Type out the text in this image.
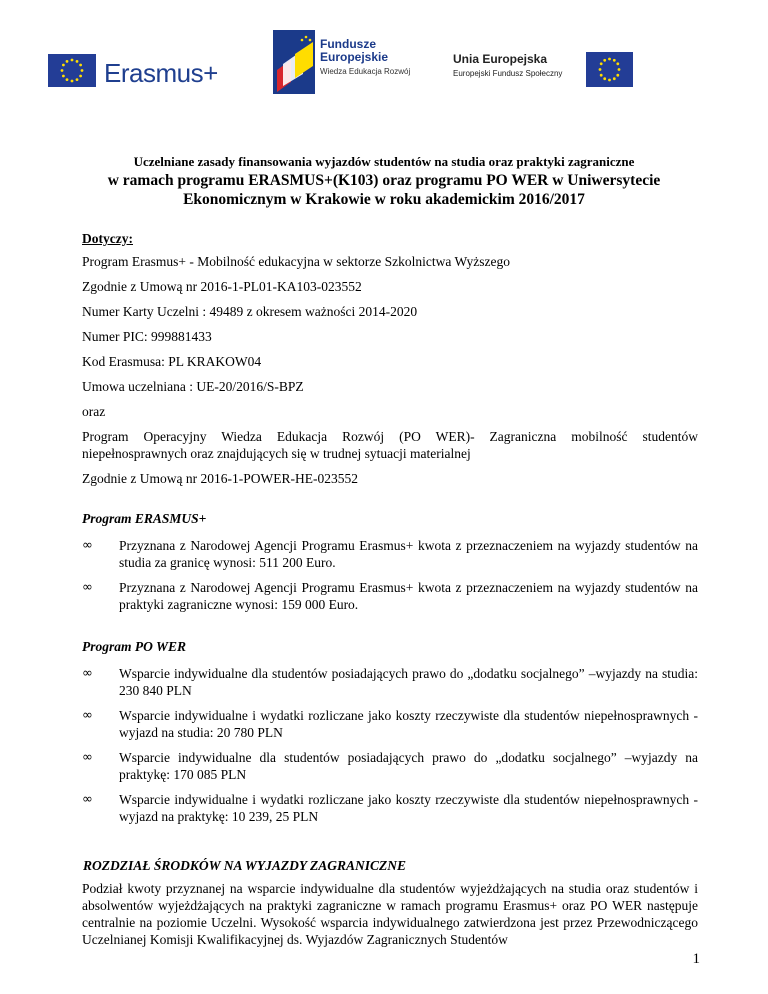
Erasmus+
Fundusze
Europejskie
Wiedza Edukacja Rozwój
Unia Europejska
Europejski Fundusz Społeczny
Uczelniane zasady finansowania wyjazdów studentów na studia oraz praktyki zagraniczne
w ramach programu ERASMUS+(K103) oraz programu PO WER w Uniwersytecie
Ekonomicznym w Krakowie w roku akademickim 2016/2017

Dotyczy:

Program Erasmus+ - Mobilność edukacyjna w sektorze Szkolnictwa Wyższego

Zgodnie z Umową nr 2016-1-PL01-KA103-023552

Numer Karty Uczelni : 49489 z okresem ważności 2014-2020

Numer PIC: 999881433

Kod Erasmusa: PL KRAKOW04

Umowa uczelniana : UE-20/2016/S-BPZ

oraz

Program Operacyjny Wiedza Edukacja Rozwój (PO WER)- Zagraniczna mobilność studentów niepełnosprawnych oraz znajdujących się w trudnej sytuacji materialnej

Zgodnie z Umową nr 2016-1-POWER-HE-023552

Program ERASMUS+

∞	Przyznana z Narodowej Agencji Programu Erasmus+ kwota z przeznaczeniem na wyjazdy studentów na studia za granicę wynosi: 511 200 Euro.
∞	Przyznana z Narodowej Agencji Programu Erasmus+ kwota z przeznaczeniem na wyjazdy studentów na praktyki zagraniczne wynosi: 159 000 Euro.

Program PO WER

∞	Wsparcie indywidualne dla studentów posiadających prawo do „dodatku socjalnego” –wyjazdy na studia: 230 840 PLN
∞	Wsparcie indywidualne i wydatki rozliczane jako koszty rzeczywiste dla studentów niepełnosprawnych - wyjazd na studia: 20 780 PLN
∞	Wsparcie indywidualne dla studentów posiadających prawo do „dodatku socjalnego” –wyjazdy na praktykę: 170 085 PLN
∞	Wsparcie indywidualne i wydatki rozliczane jako koszty rzeczywiste dla studentów niepełnosprawnych - wyjazd na praktykę: 10 239, 25 PLN

ROZDZIAŁ ŚRODKÓW NA WYJAZDY ZAGRANICZNE

Podział kwoty przyznanej na wsparcie indywidualne dla studentów wyjeżdżających na studia oraz studentów i absolwentów wyjeżdżających na praktyki zagraniczne w ramach programu Erasmus+ oraz PO WER następuje centralnie na poziomie Uczelni. Wysokość wsparcia indywidualnego zatwierdzona jest przez Przewodniczącego Uczelnianej Komisji Kwalifikacyjnej ds. Wyjazdów Zagranicznych Studentów

1
